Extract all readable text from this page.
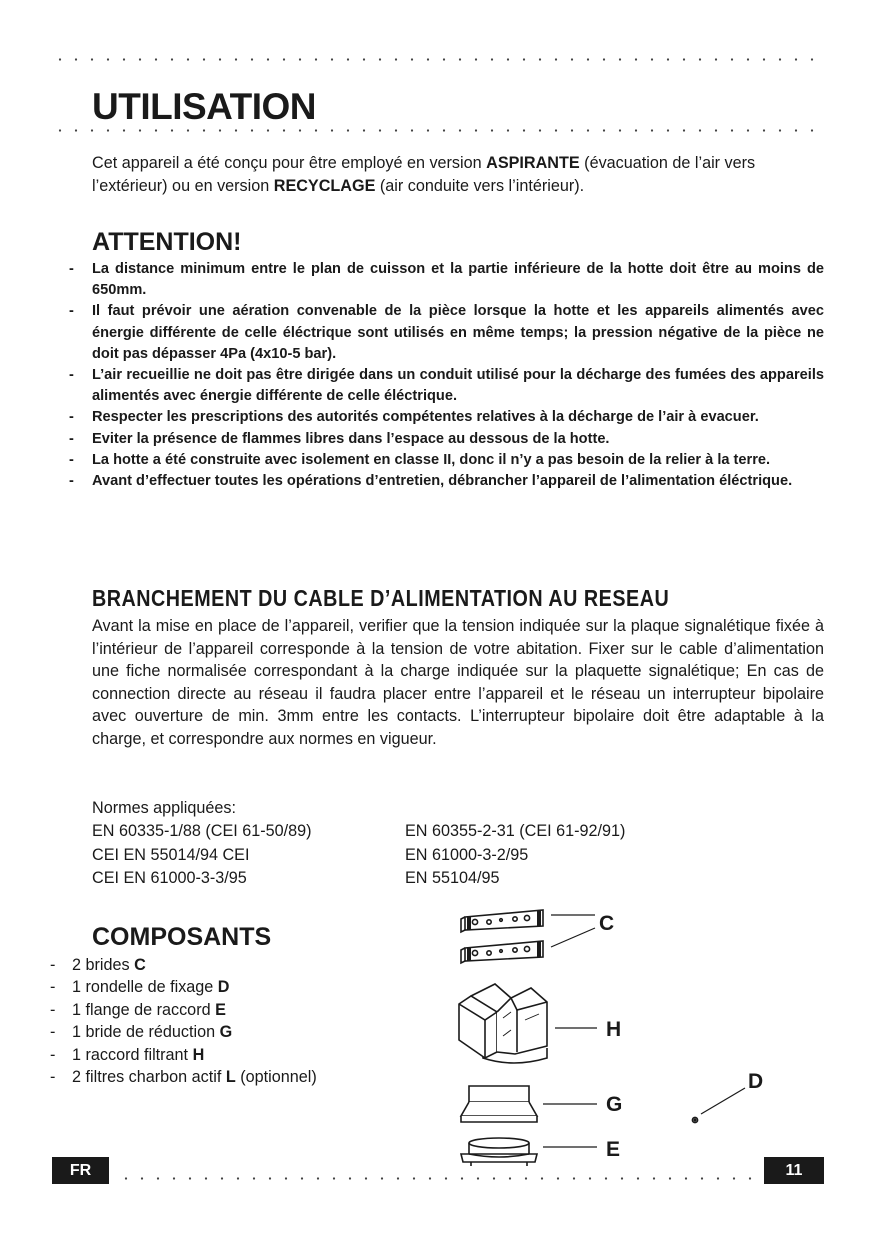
UTILISATION

Cet appareil a été conçu pour être employé en version ASPIRANTE (évacuation de l’air vers l’extérieur) ou en version RECYCLAGE (air conduite vers l’intérieur).

ATTENTION!
- La distance minimum entre le plan de cuisson et la partie inférieure de la hotte doit être au moins de 650mm.
- Il faut prévoir une aération convenable de la pièce lorsque la hotte et les appareils alimentés avec énergie différente de celle éléctrique sont utilisés en même temps; la pression négative de la pièce ne doit pas dépasser 4Pa (4x10-5 bar).
- L’air recueillie ne doit pas être dirigée dans un conduit utilisé pour la décharge des fumées des appareils alimentés avec énergie différente de celle éléctrique.
- Respecter les prescriptions des autorités compétentes relatives à la décharge de l’air à evacuer.
- Eviter la présence de flammes libres dans l’espace au dessous de la hotte.
- La hotte a été construite avec isolement en classe II, donc il n’y a pas besoin de la relier à la terre.
- Avant d’effectuer toutes les opérations d’entretien, débrancher l’appareil de l’alimentation éléctrique.
BRANCHEMENT DU CABLE D’ALIMENTATION AU RESEAU

Avant la mise en place de l’appareil, verifier que la tension indiquée sur la plaque signalétique fixée à l’intérieur de l’appareil corresponde à la tension de votre abitation. Fixer sur le cable d’alimentation une fiche normalisée correspondant à la charge indiquée sur la plaquette signalétique; En cas de connection directe au réseau il faudra placer entre l’appareil et le réseau un interrupteur bipolaire avec ouverture de min. 3mm entre les contacts. L’interrupteur bipolaire doit être adaptable à la charge, et correspondre aux normes en vigueur.

Normes appliquées:

EN 60335-1/88 (CEI 61-50/89)	EN 60355-2-31 (CEI 61-92/91)
CEI EN 55014/94 CEI	EN 61000-3-2/95
CEI EN 61000-3-3/95	EN 55104/95
COMPOSANTS
- 2 brides C
- 1 rondelle de fixage D
- 1 flange de raccord E
- 1 bride de réduction G
- 1 raccord filtrant H
- 2 filtres charbon actif L (optionnel)
C
H
G
E
D
FR	11
